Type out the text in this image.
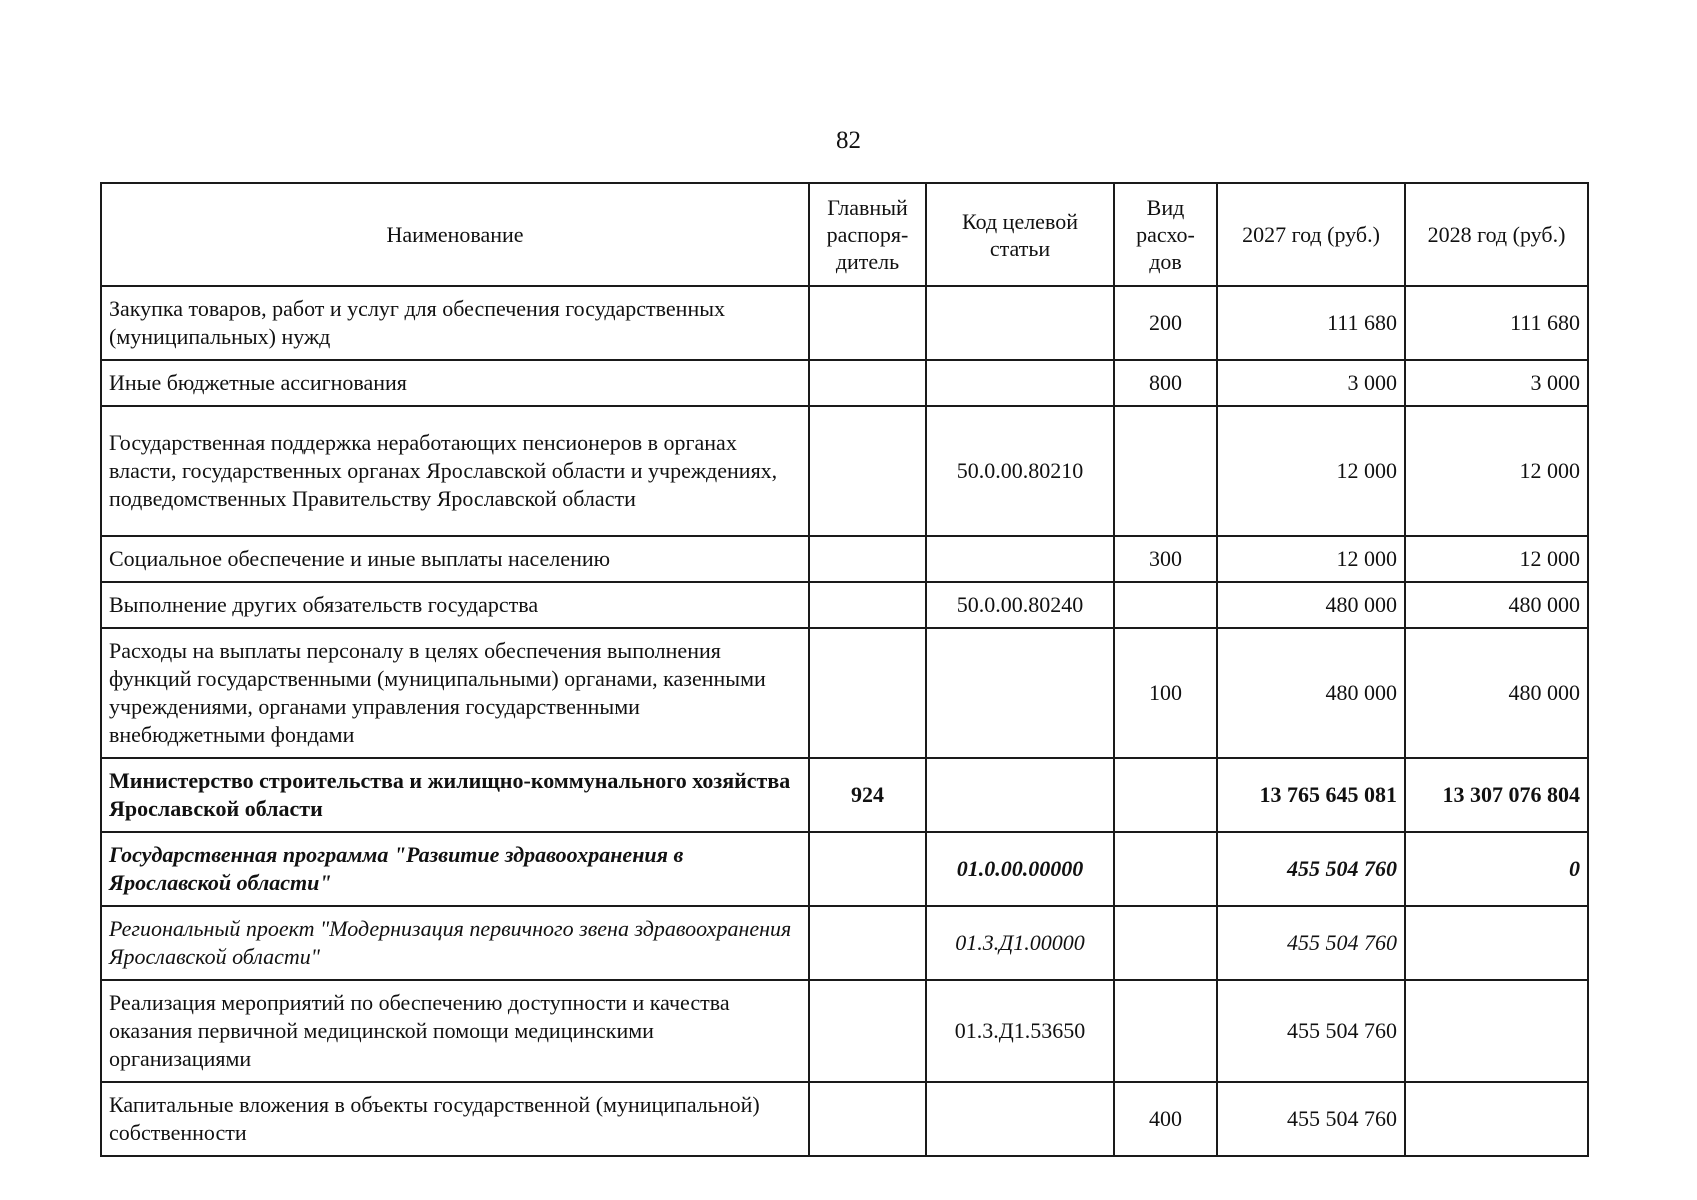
82
Наименование	Главный распоря-дитель	Код целевой статьи	Вид расхо-дов	2027 год (руб.)	2028 год (руб.)
Закупка товаров, работ и услуг для обеспечения государственных (муниципальных) нужд			200	111 680	111 680
Иные бюджетные ассигнования			800	3 000	3 000
Государственная поддержка неработающих пенсионеров в органах власти, государственных органах Ярославской области и учреждениях, подведомственных Правительству Ярославской области		50.0.00.80210		12 000	12 000
Социальное обеспечение и иные выплаты населению			300	12 000	12 000
Выполнение других обязательств государства		50.0.00.80240		480 000	480 000
Расходы на выплаты персоналу в целях обеспечения выполнения функций государственными (муниципальными) органами, казенными учреждениями, органами управления государственными внебюджетными фондами			100	480 000	480 000
Министерство строительства и жилищно-коммунального хозяйства Ярославской области	924			13 765 645 081	13 307 076 804
Государственная программа "Развитие здравоохранения в Ярославской области"		01.0.00.00000		455 504 760	0
Региональный проект "Модернизация первичного звена здравоохранения Ярославской области"		01.3.Д1.00000		455 504 760	
Реализация мероприятий по обеспечению доступности и качества оказания первичной медицинской помощи медицинскими организациями		01.3.Д1.53650		455 504 760	
Капитальные вложения в объекты государственной (муниципальной) собственности			400	455 504 760	
